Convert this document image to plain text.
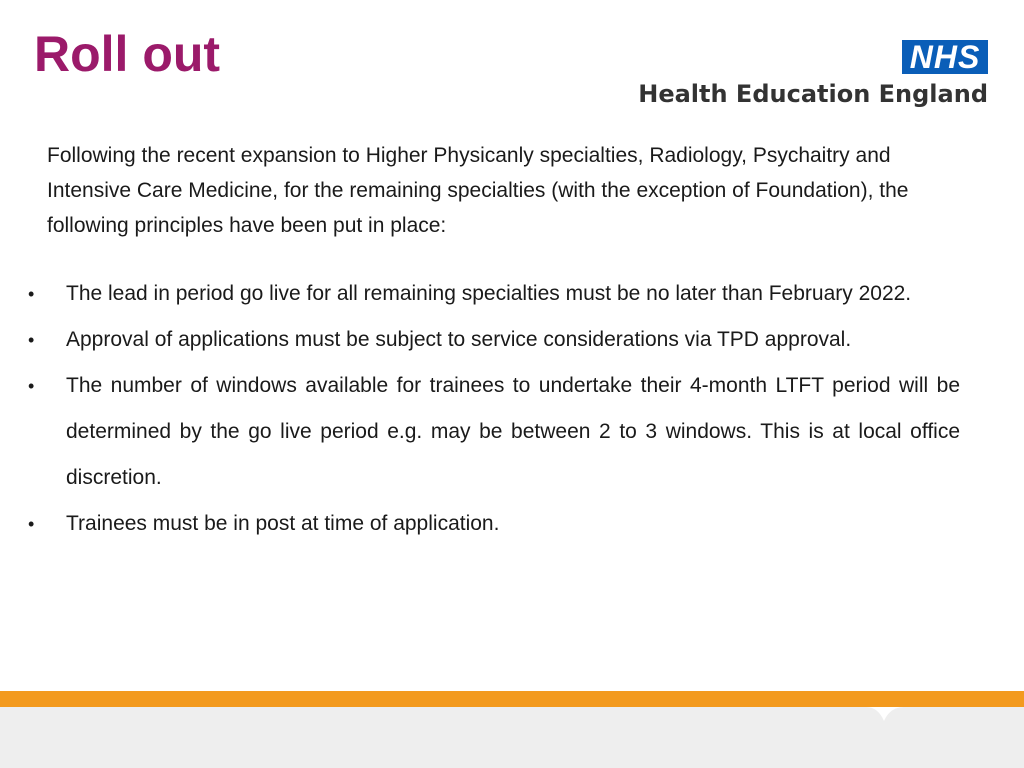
Roll out	NHS
Health Education England

Following the recent expansion to Higher Physicanly specialties, Radiology, Psychaitry and Intensive Care Medicine, for the remaining specialties (with the exception of Foundation), the following principles have been put in place:

•	The lead in period go live for all remaining specialties must be no later than February 2022.
•	Approval of applications must be subject to service considerations via TPD approval.
•	The number of windows available for trainees to undertake their 4-month LTFT period will be determined by the go live period e.g. may be between 2 to 3 windows. This is at local office discretion.
•	Trainees must be in post at time of application.
